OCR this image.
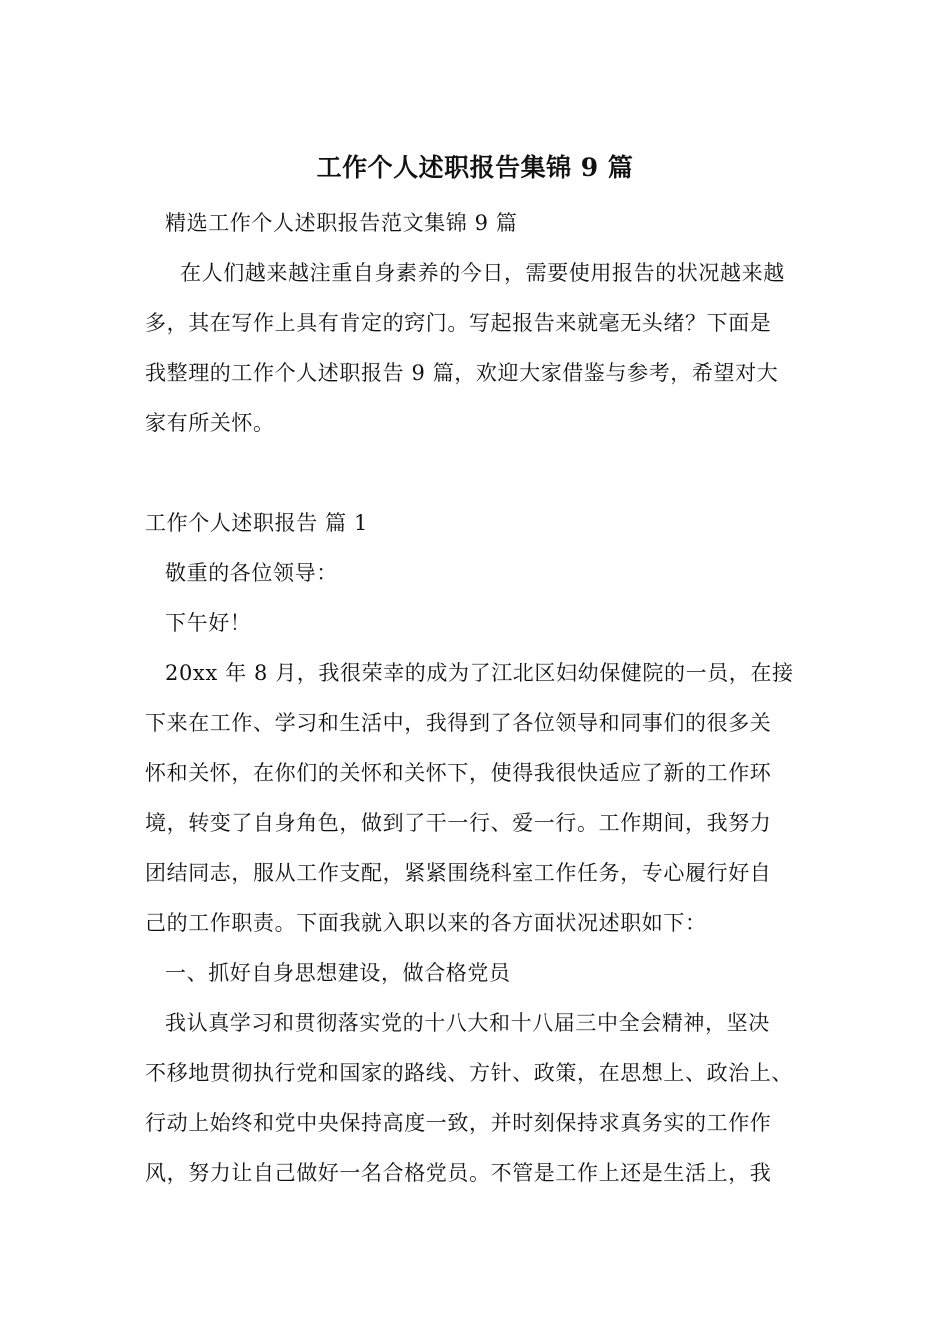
工作个人述职报告集锦 9 篇
精选工作个人述职报告范文集锦 9 篇
在人们越来越注重自身素养的今日，需要使用报告的状况越来越
多，其在写作上具有肯定的窍门。写起报告来就毫无头绪？下面是
我整理的工作个人述职报告 9 篇，欢迎大家借鉴与参考，希望对大
家有所关怀。
工作个人述职报告 篇 1
敬重的各位领导：
下午好！
20xx 年 8 月，我很荣幸的成为了江北区妇幼保健院的一员，在接
下来在工作、学习和生活中，我得到了各位领导和同事们的很多关
怀和关怀，在你们的关怀和关怀下，使得我很快适应了新的工作环
境，转变了自身角色，做到了干一行、爱一行。工作期间，我努力
团结同志，服从工作支配，紧紧围绕科室工作任务，专心履行好自
己的工作职责。下面我就入职以来的各方面状况述职如下：
一、抓好自身思想建设，做合格党员
我认真学习和贯彻落实党的十八大和十八届三中全会精神，坚决
不移地贯彻执行党和国家的路线、方针、政策，在思想上、政治上、
行动上始终和党中央保持高度一致，并时刻保持求真务实的工作作
风，努力让自己做好一名合格党员。不管是工作上还是生活上，我
